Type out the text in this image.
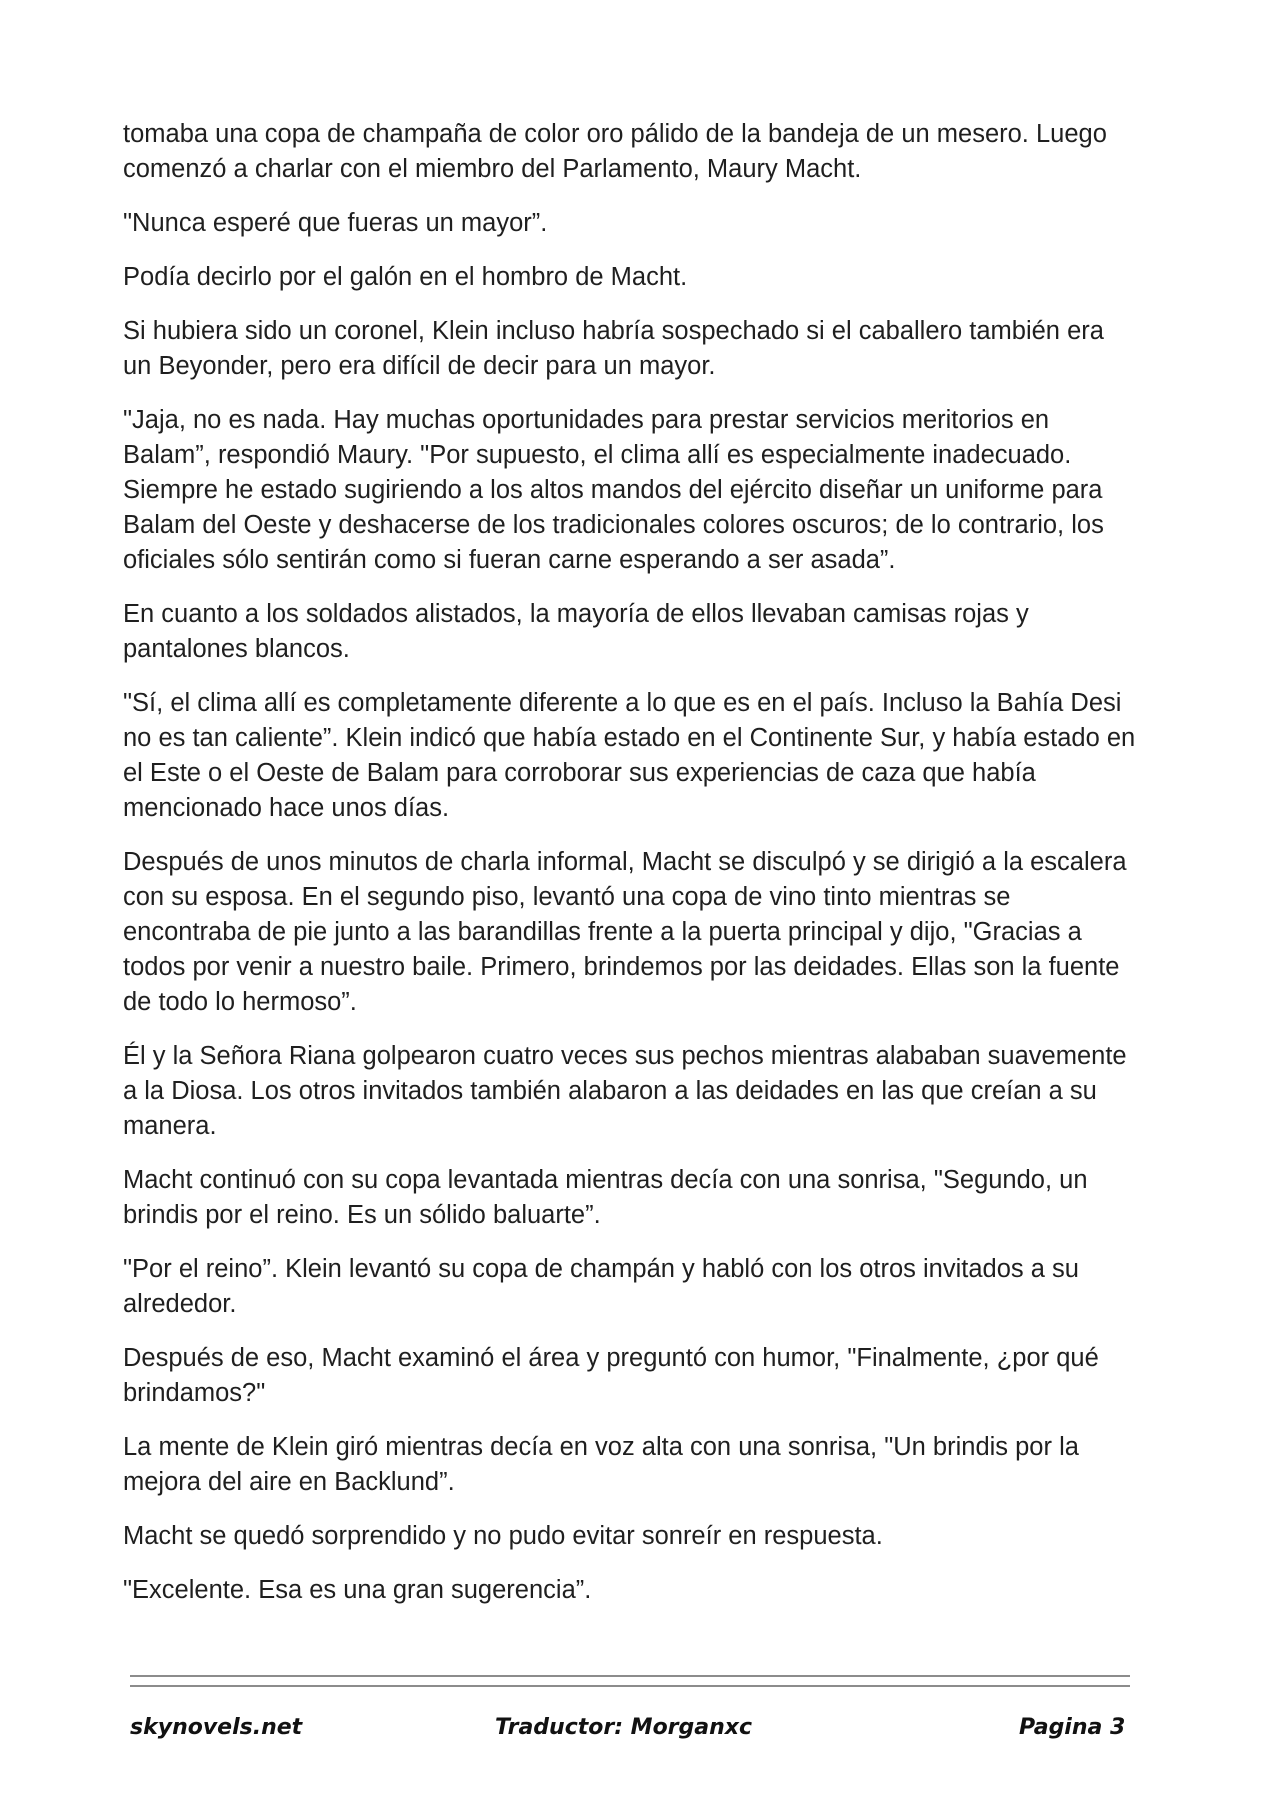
tomaba una copa de champaña de color oro pálido de la bandeja de un mesero. Luego comenzó a charlar con el miembro del Parlamento, Maury Macht.

"Nunca esperé que fueras un mayor”.

Podía decirlo por el galón en el hombro de Macht.

Si hubiera sido un coronel, Klein incluso habría sospechado si el caballero también era un Beyonder, pero era difícil de decir para un mayor.

"Jaja, no es nada. Hay muchas oportunidades para prestar servicios meritorios en Balam”, respondió Maury. "Por supuesto, el clima allí es especialmente inadecuado. Siempre he estado sugiriendo a los altos mandos del ejército diseñar un uniforme para Balam del Oeste y deshacerse de los tradicionales colores oscuros; de lo contrario, los oficiales sólo sentirán como si fueran carne esperando a ser asada”.

En cuanto a los soldados alistados, la mayoría de ellos llevaban camisas rojas y pantalones blancos.

"Sí, el clima allí es completamente diferente a lo que es en el país. Incluso la Bahía Desi no es tan caliente”. Klein indicó que había estado en el Continente Sur, y había estado en el Este o el Oeste de Balam para corroborar sus experiencias de caza que había mencionado hace unos días.

Después de unos minutos de charla informal, Macht se disculpó y se dirigió a la escalera con su esposa. En el segundo piso, levantó una copa de vino tinto mientras se encontraba de pie junto a las barandillas frente a la puerta principal y dijo, "Gracias a todos por venir a nuestro baile. Primero, brindemos por las deidades. Ellas son la fuente de todo lo hermoso”.

Él y la Señora Riana golpearon cuatro veces sus pechos mientras alababan suavemente a la Diosa. Los otros invitados también alabaron a las deidades en las que creían a su manera.

Macht continuó con su copa levantada mientras decía con una sonrisa, "Segundo, un brindis por el reino. Es un sólido baluarte”.

"Por el reino”. Klein levantó su copa de champán y habló con los otros invitados a su alrededor.

Después de eso, Macht examinó el área y preguntó con humor, "Finalmente, ¿por qué brindamos?"

La mente de Klein giró mientras decía en voz alta con una sonrisa, "Un brindis por la mejora del aire en Backlund”.

Macht se quedó sorprendido y no pudo evitar sonreír en respuesta.

"Excelente. Esa es una gran sugerencia”.

skynovels.net	Traductor: Morganxc	Pagina 3
